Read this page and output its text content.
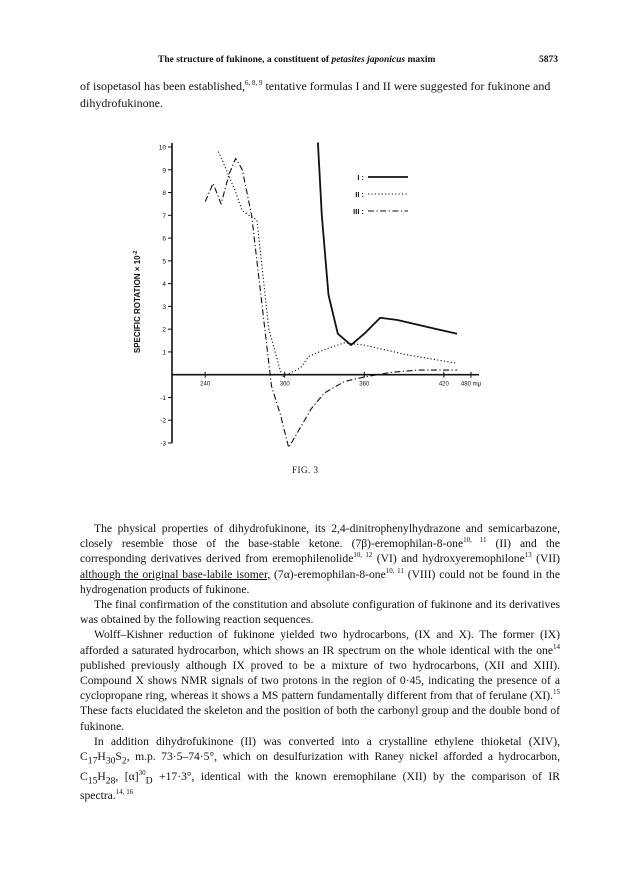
The structure of fukinone, a constituent of petasites japonicus maxim	5873
of isopetasol has been established,$^{6, 8, 9}$ tentative formulas I and II were suggested for fukinone and dihydrofukinone.
10
9
8
7
6
5
4
3
2
1
-1
-2
-3
240	300	360	420 480 mμ
SPECIFIC ROTATION × $10^{-2}$
I :
II :
III :
FIG. 3

The physical properties of dihydrofukinone, its 2,4-dinitrophenylhydrazone and semicarbazone, closely resemble those of the base-stable ketone. (7β)-eremophilan-8-one$^{10, 11}$ (II) and the corresponding derivatives derived from eremophilenolide$^{10, 12}$ (VI) and hydroxyeremophilone$^{13}$ (VII) although the original base-labile isomer, (7α)-eremophilan-8-one$^{10, 11}$ (VIII) could not be found in the hydrogenation products of fukinone.

The final confirmation of the constitution and absolute configuration of fukinone and its derivatives was obtained by the following reaction sequences.

Wolff–Kishner reduction of fukinone yielded two hydrocarbons, (IX and X). The former (IX) afforded a saturated hydrocarbon, which shows an IR spectrum on the whole identical with the one$^{14}$ published previously although IX proved to be a mixture of two hydrocarbons, (XII and XIII). Compound X shows NMR signals of two protons in the region of 0·45, indicating the presence of a cyclopropane ring, whereas it shows a MS pattern fundamentally different from that of ferulane (XI).$^{15}$ These facts elucidated the skeleton and the position of both the carbonyl group and the double bond of fukinone.

In addition dihydrofukinone (II) was converted into a crystalline ethylene thioketal (XIV), $C_{17}H_{30}S_2$, m.p. 73·5–74·5°, which on desulfurization with Raney nickel afforded a hydrocarbon, $C_{15}H_{28}$, $[\alpha]^{30}_D +17\cdot 3^\circ$, identical with the known eremophilane (XII) by the comparison of IR spectra.$^{14, 16}$
